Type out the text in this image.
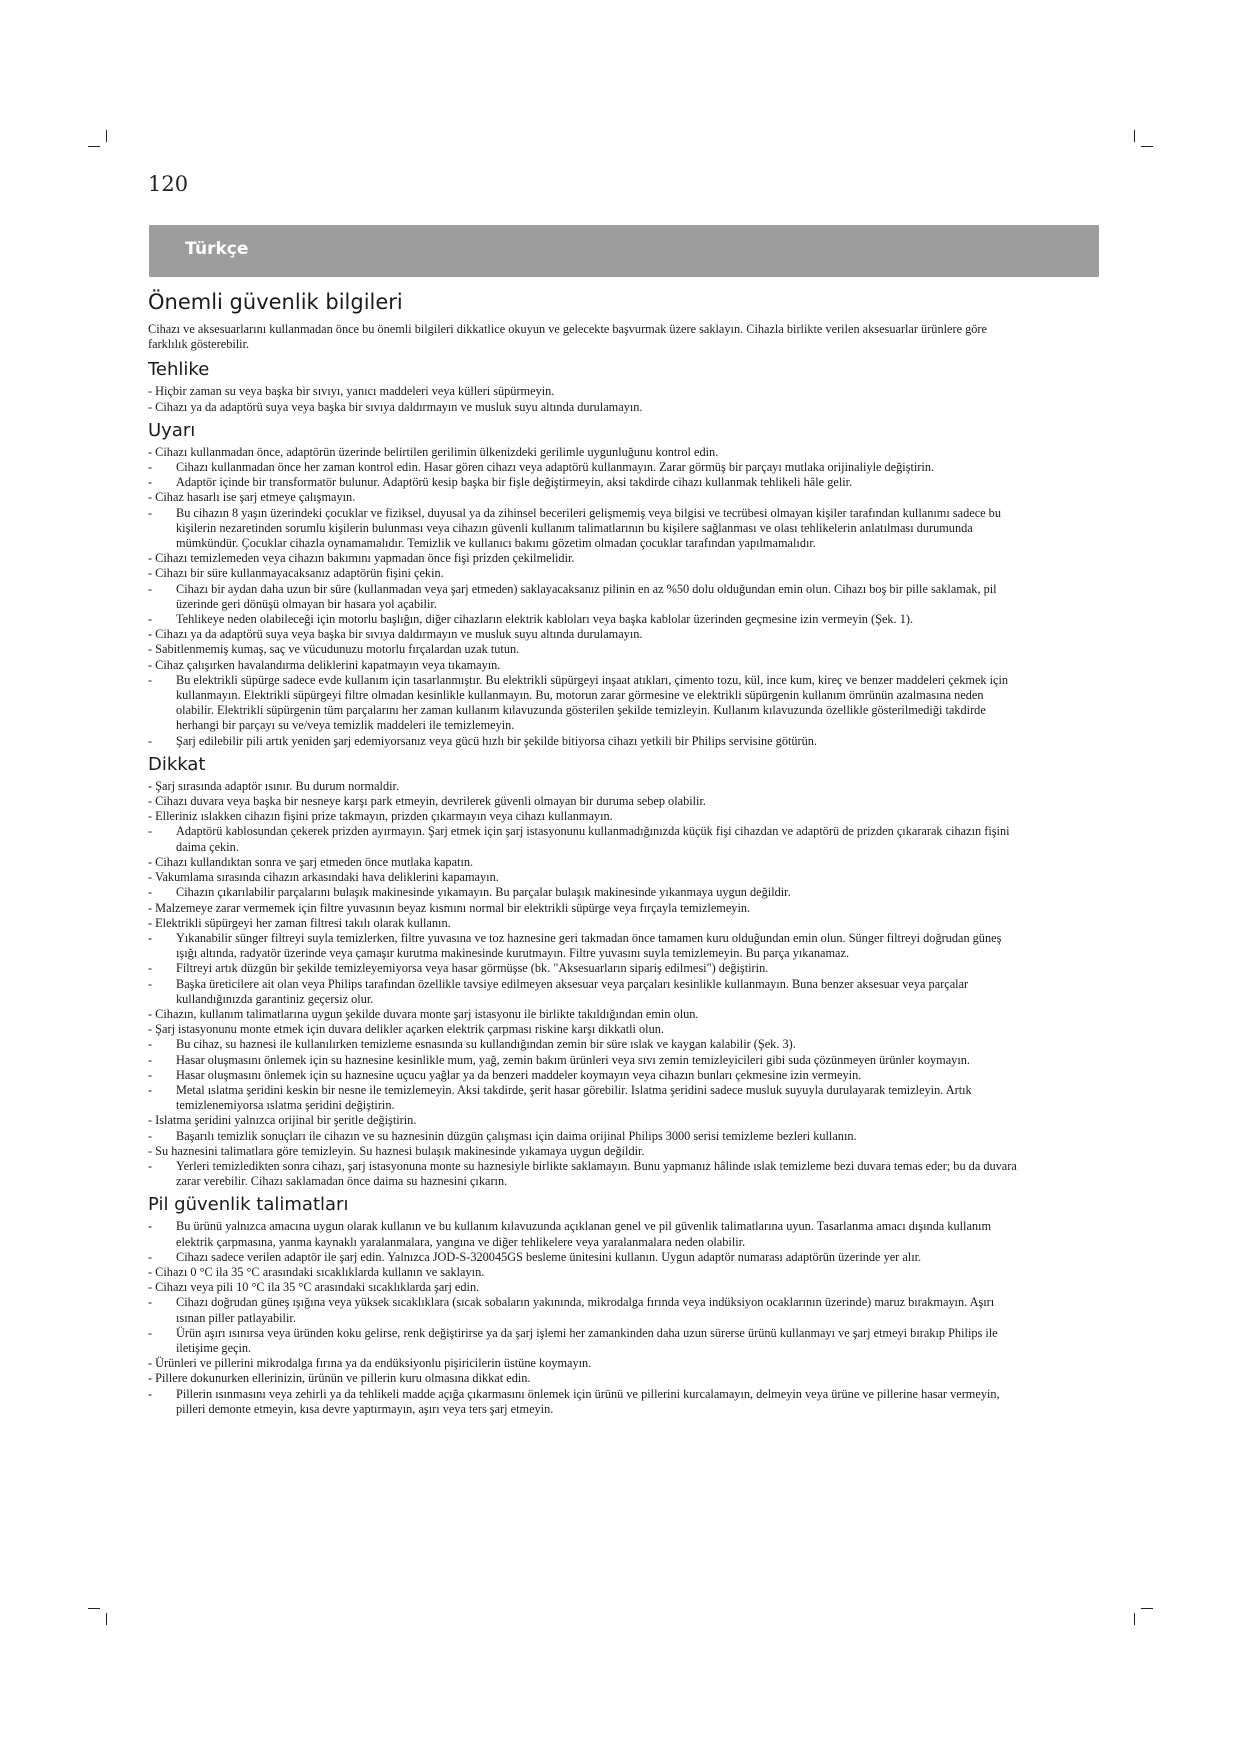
120
Türkçe
Önemli güvenlik bilgileri

Cihazı ve aksesuarlarını kullanmadan önce bu önemli bilgileri dikkatlice okuyun ve gelecekte başvurmak üzere saklayın. Cihazla birlikte verilen aksesuarlar ürünlere göre farklılık gösterebilir.

Tehlike
- Hiçbir zaman su veya başka bir sıvıyı, yanıcı maddeleri veya külleri süpürmeyin.
- Cihazı ya da adaptörü suya veya başka bir sıvıya daldırmayın ve musluk suyu altında durulamayın.
Uyarı
- Cihazı kullanmadan önce, adaptörün üzerinde belirtilen gerilimin ülkenizdeki gerilimle uygunluğunu kontrol edin.
- Cihazı kullanmadan önce her zaman kontrol edin. Hasar gören cihazı veya adaptörü kullanmayın. Zarar görmüş bir parçayı mutlaka orijinaliyle değiştirin.
- Adaptör içinde bir transformatör bulunur. Adaptörü kesip başka bir fişle değiştirmeyin, aksi takdirde cihazı kullanmak tehlikeli hâle gelir.
- Cihaz hasarlı ise şarj etmeye çalışmayın.
- Bu cihazın 8 yaşın üzerindeki çocuklar ve fiziksel, duyusal ya da zihinsel becerileri gelişmemiş veya bilgisi ve tecrübesi olmayan kişiler tarafından kullanımı sadece bu kişilerin nezaretinden sorumlu kişilerin bulunması veya cihazın güvenli kullanım talimatlarının bu kişilere sağlanması ve olası tehlikelerin anlatılması durumunda mümkündür. Çocuklar cihazla oynamamalıdır. Temizlik ve kullanıcı bakımı gözetim olmadan çocuklar tarafından yapılmamalıdır.
- Cihazı temizlemeden veya cihazın bakımını yapmadan önce fişi prizden çekilmelidir.
- Cihazı bir süre kullanmayacaksanız adaptörün fişini çekin.
- Cihazı bir aydan daha uzun bir süre (kullanmadan veya şarj etmeden) saklayacaksanız pilinin en az %50 dolu olduğundan emin olun. Cihazı boş bir pille saklamak, pil üzerinde geri dönüşü olmayan bir hasara yol açabilir.
- Tehlikeye neden olabileceği için motorlu başlığın, diğer cihazların elektrik kabloları veya başka kablolar üzerinden geçmesine izin vermeyin (Şek. 1).
- Cihazı ya da adaptörü suya veya başka bir sıvıya daldırmayın ve musluk suyu altında durulamayın.
- Sabitlenmemiş kumaş, saç ve vücudunuzu motorlu fırçalardan uzak tutun.
- Cihaz çalışırken havalandırma deliklerini kapatmayın veya tıkamayın.
- Bu elektrikli süpürge sadece evde kullanım için tasarlanmıştır. Bu elektrikli süpürgeyi inşaat atıkları, çimento tozu, kül, ince kum, kireç ve benzer maddeleri çekmek için kullanmayın. Elektrikli süpürgeyi filtre olmadan kesinlikle kullanmayın. Bu, motorun zarar görmesine ve elektrikli süpürgenin kullanım ömrünün azalmasına neden olabilir. Elektrikli süpürgenin tüm parçalarını her zaman kullanım kılavuzunda gösterilen şekilde temizleyin. Kullanım kılavuzunda özellikle gösterilmediği takdirde herhangi bir parçayı su ve/veya temizlik maddeleri ile temizlemeyin.
- Şarj edilebilir pili artık yeniden şarj edemiyorsanız veya gücü hızlı bir şekilde bitiyorsa cihazı yetkili bir Philips servisine götürün.
Dikkat
- Şarj sırasında adaptör ısınır. Bu durum normaldir.
- Cihazı duvara veya başka bir nesneye karşı park etmeyin, devrilerek güvenli olmayan bir duruma sebep olabilir.
- Elleriniz ıslakken cihazın fişini prize takmayın, prizden çıkarmayın veya cihazı kullanmayın.
- Adaptörü kablosundan çekerek prizden ayırmayın. Şarj etmek için şarj istasyonunu kullanmadığınızda küçük fişi cihazdan ve adaptörü de prizden çıkararak cihazın fişini daima çekin.
- Cihazı kullandıktan sonra ve şarj etmeden önce mutlaka kapatın.
- Vakumlama sırasında cihazın arkasındaki hava deliklerini kapamayın.
- Cihazın çıkarılabilir parçalarını bulaşık makinesinde yıkamayın. Bu parçalar bulaşık makinesinde yıkanmaya uygun değildir.
- Malzemeye zarar vermemek için filtre yuvasının beyaz kısmını normal bir elektrikli süpürge veya fırçayla temizlemeyin.
- Elektrikli süpürgeyi her zaman filtresi takılı olarak kullanın.
- Yıkanabilir sünger filtreyi suyla temizlerken, filtre yuvasına ve toz haznesine geri takmadan önce tamamen kuru olduğundan emin olun. Sünger filtreyi doğrudan güneş ışığı altında, radyatör üzerinde veya çamaşır kurutma makinesinde kurutmayın. Filtre yuvasını suyla temizlemeyin. Bu parça yıkanamaz.
- Filtreyi artık düzgün bir şekilde temizleyemiyorsa veya hasar görmüşse (bk. "Aksesuarların sipariş edilmesi") değiştirin.
- Başka üreticilere ait olan veya Philips tarafından özellikle tavsiye edilmeyen aksesuar veya parçaları kesinlikle kullanmayın. Buna benzer aksesuar veya parçalar kullandığınızda garantiniz geçersiz olur.
- Cihazın, kullanım talimatlarına uygun şekilde duvara monte şarj istasyonu ile birlikte takıldığından emin olun.
- Şarj istasyonunu monte etmek için duvara delikler açarken elektrik çarpması riskine karşı dikkatli olun.
- Bu cihaz, su haznesi ile kullanılırken temizleme esnasında su kullandığından zemin bir süre ıslak ve kaygan kalabilir (Şek. 3).
- Hasar oluşmasını önlemek için su haznesine kesinlikle mum, yağ, zemin bakım ürünleri veya sıvı zemin temizleyicileri gibi suda çözünmeyen ürünler koymayın.
- Hasar oluşmasını önlemek için su haznesine uçucu yağlar ya da benzeri maddeler koymayın veya cihazın bunları çekmesine izin vermeyin.
- Metal ıslatma şeridini keskin bir nesne ile temizlemeyin. Aksi takdirde, şerit hasar görebilir. Islatma şeridini sadece musluk suyuyla durulayarak temizleyin. Artık temizlenemiyorsa ıslatma şeridini değiştirin.
- Islatma şeridini yalnızca orijinal bir şeritle değiştirin.
- Başarılı temizlik sonuçları ile cihazın ve su haznesinin düzgün çalışması için daima orijinal Philips 3000 serisi temizleme bezleri kullanın.
- Su haznesini talimatlara göre temizleyin. Su haznesi bulaşık makinesinde yıkamaya uygun değildir.
- Yerleri temizledikten sonra cihazı, şarj istasyonuna monte su haznesiyle birlikte saklamayın. Bunu yapmanız hâlinde ıslak temizleme bezi duvara temas eder; bu da duvara zarar verebilir. Cihazı saklamadan önce daima su haznesini çıkarın.
Pil güvenlik talimatları
- Bu ürünü yalnızca amacına uygun olarak kullanın ve bu kullanım kılavuzunda açıklanan genel ve pil güvenlik talimatlarına uyun. Tasarlanma amacı dışında kullanım elektrik çarpmasına, yanma kaynaklı yaralanmalara, yangına ve diğer tehlikelere veya yaralanmalara neden olabilir.
- Cihazı sadece verilen adaptör ile şarj edin. Yalnızca JOD-S-320045GS besleme ünitesini kullanın. Uygun adaptör numarası adaptörün üzerinde yer alır.
- Cihazı 0 °C ila 35 °C arasındaki sıcaklıklarda kullanın ve saklayın.
- Cihazı veya pili 10 °C ila 35 °C arasındaki sıcaklıklarda şarj edin.
- Cihazı doğrudan güneş ışığına veya yüksek sıcaklıklara (sıcak sobaların yakınında, mikrodalga fırında veya indüksiyon ocaklarının üzerinde) maruz bırakmayın. Aşırı ısınan piller patlayabilir.
- Ürün aşırı ısınırsa veya üründen koku gelirse, renk değiştirirse ya da şarj işlemi her zamankinden daha uzun sürerse ürünü kullanmayı ve şarj etmeyi bırakıp Philips ile iletişime geçin.
- Ürünleri ve pillerini mikrodalga fırına ya da endüksiyonlu pişiricilerin üstüne koymayın.
- Pillere dokunurken ellerinizin, ürünün ve pillerin kuru olmasına dikkat edin.
- Pillerin ısınmasını veya zehirli ya da tehlikeli madde açığa çıkarmasını önlemek için ürünü ve pillerini kurcalamayın, delmeyin veya ürüne ve pillerine hasar vermeyin, pilleri demonte etmeyin, kısa devre yaptırmayın, aşırı veya ters şarj etmeyin.
